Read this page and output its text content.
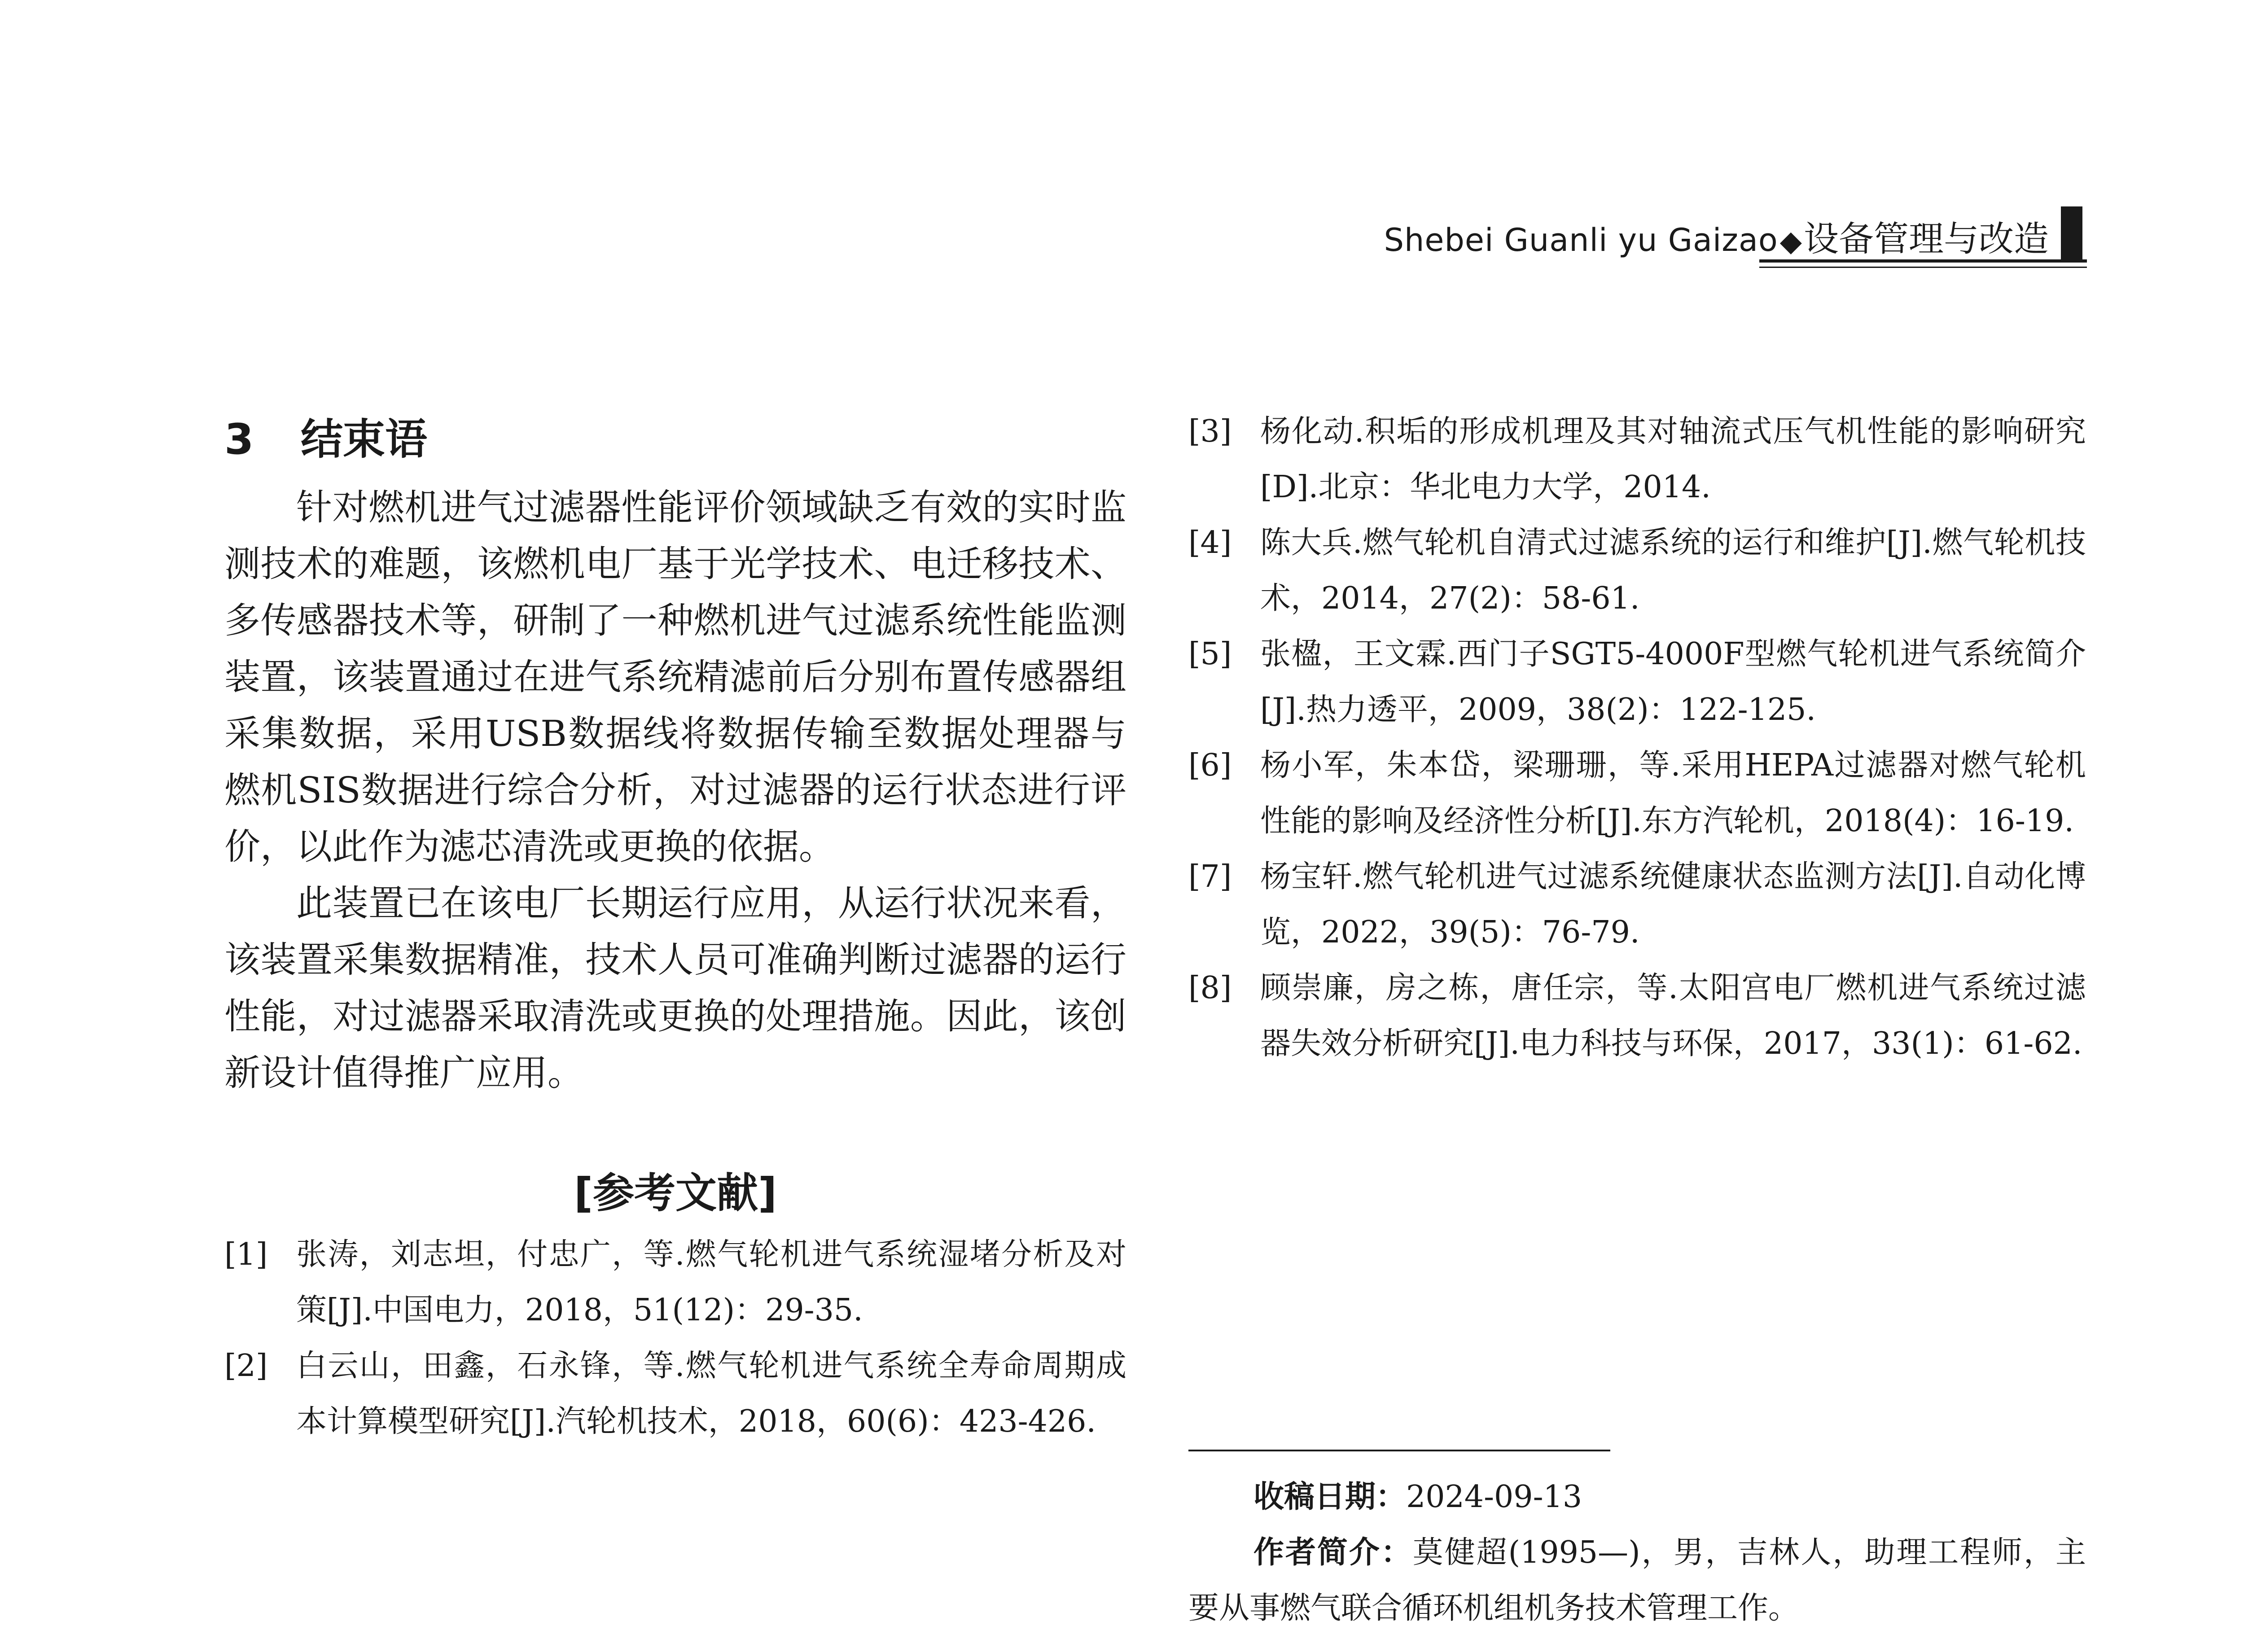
Shebei Guanli yu Gaizao◆设备管理与改造
3 结束语

针对燃机进气过滤器性能评价领域缺乏有效的实时监测技术的难题，该燃机电厂基于光学技术、电迁移技术、多传感器技术等，研制了一种燃机进气过滤系统性能监测装置，该装置通过在进气系统精滤前后分别布置传感器组采集数据，采用USB数据线将数据传输至数据处理器与燃机SIS数据进行综合分析，对过滤器的运行状态进行评价，以此作为滤芯清洗或更换的依据。

此装置已在该电厂长期运行应用，从运行状况来看，该装置采集数据精准，技术人员可准确判断过滤器的运行性能，对过滤器采取清洗或更换的处理措施。因此，该创新设计值得推广应用。

[参考文献]
[1] 张涛，刘志坦，付忠广，等.燃气轮机进气系统湿堵分析及对策[J].中国电力，2018，51(12)：29-35.
[2] 白云山，田鑫，石永锋，等.燃气轮机进气系统全寿命周期成本计算模型研究[J].汽轮机技术，2018，60(6)：423-426.
[3] 杨化动.积垢的形成机理及其对轴流式压气机性能的影响研究[D].北京：华北电力大学，2014.
[4] 陈大兵.燃气轮机自清式过滤系统的运行和维护[J].燃气轮机技术，2014，27(2)：58-61.
[5] 张楹，王文霖.西门子SGT5-4000F型燃气轮机进气系统简介[J].热力透平，2009，38(2)：122-125.
[6] 杨小军，朱本岱，梁珊珊，等.采用HEPA过滤器对燃气轮机性能的影响及经济性分析[J].东方汽轮机，2018(4)：16-19.
[7] 杨宝轩.燃气轮机进气过滤系统健康状态监测方法[J].自动化博览，2022，39(5)：76-79.
[8] 顾崇廉，房之栋，唐任宗，等.太阳宫电厂燃机进气系统过滤器失效分析研究[J].电力科技与环保，2017，33(1)：61-62.

收稿日期：2024-09-13

作者简介：莫健超(1995—)，男，吉林人，助理工程师，主要从事燃气联合循环机组机务技术管理工作。
